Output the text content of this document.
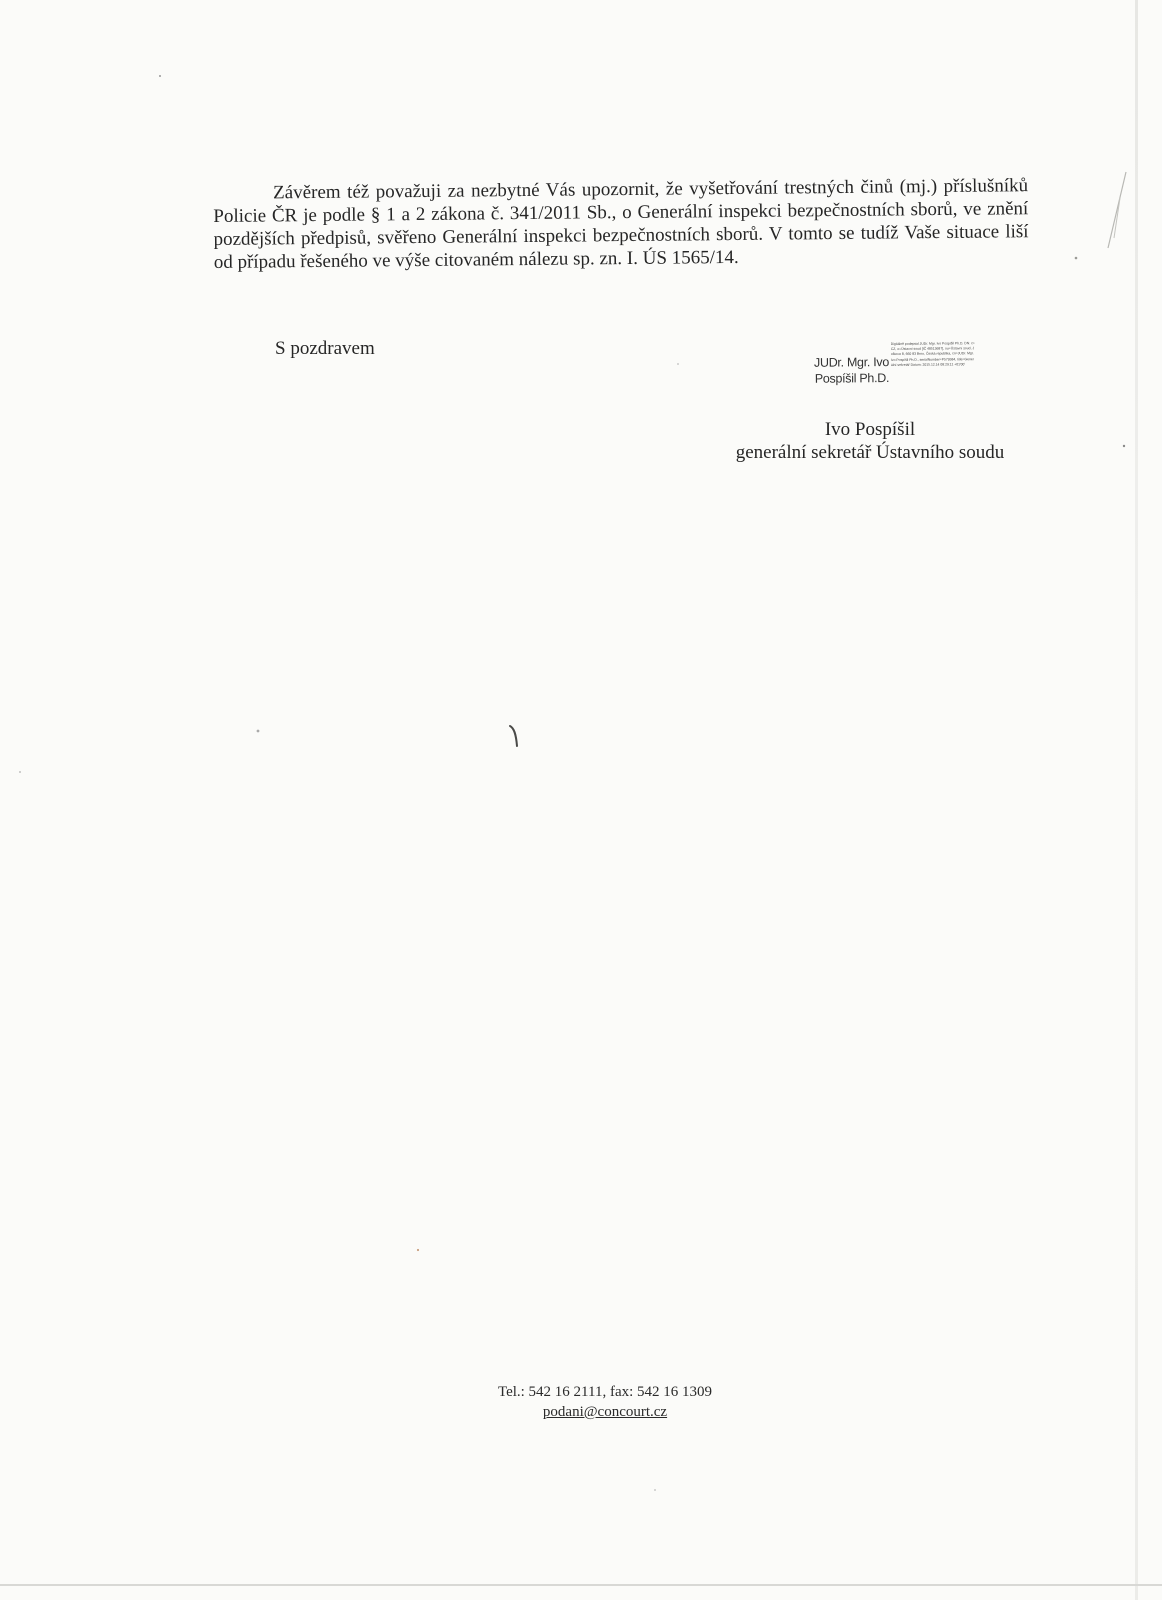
Závěrem též považuji za nezbytné Vás upozornit, že vyšetřování trestných činů (mj.) příslušníků Policie ČR je podle § 1 a 2 zákona č. 341/2011 Sb., o Generální inspekci bezpečnostních sborů, ve znění pozdějších předpisů, svěřeno Generální inspekci bezpečnostních sborů. V tomto se tudíž Vaše situace liší od případu řešeného ve výše citovaném nálezu sp. zn. I. ÚS 1565/14.

S pozdravem
JUDr. Mgr. Ivo
Pospíšil Ph.D.
Digitálně podepsal JUDr. Mgr. Ivo Pospíšil Ph.D. DN: c=CZ, o=Ústavní soud [IČ 48513687], ou=Ústavní soud, Joštova 8, 660 83 Brno, Česká republika, cn=JUDr. Mgr. Ivo Pospíšil Ph.D., serialNumber=P579584, title=Generální sekretář Datum: 2015.12.14 08:29:11 +01'00'
Ivo Pospíšil
generální sekretář Ústavního soudu
Tel.: 542 16 2111, fax: 542 16 1309
podani@concourt.cz
